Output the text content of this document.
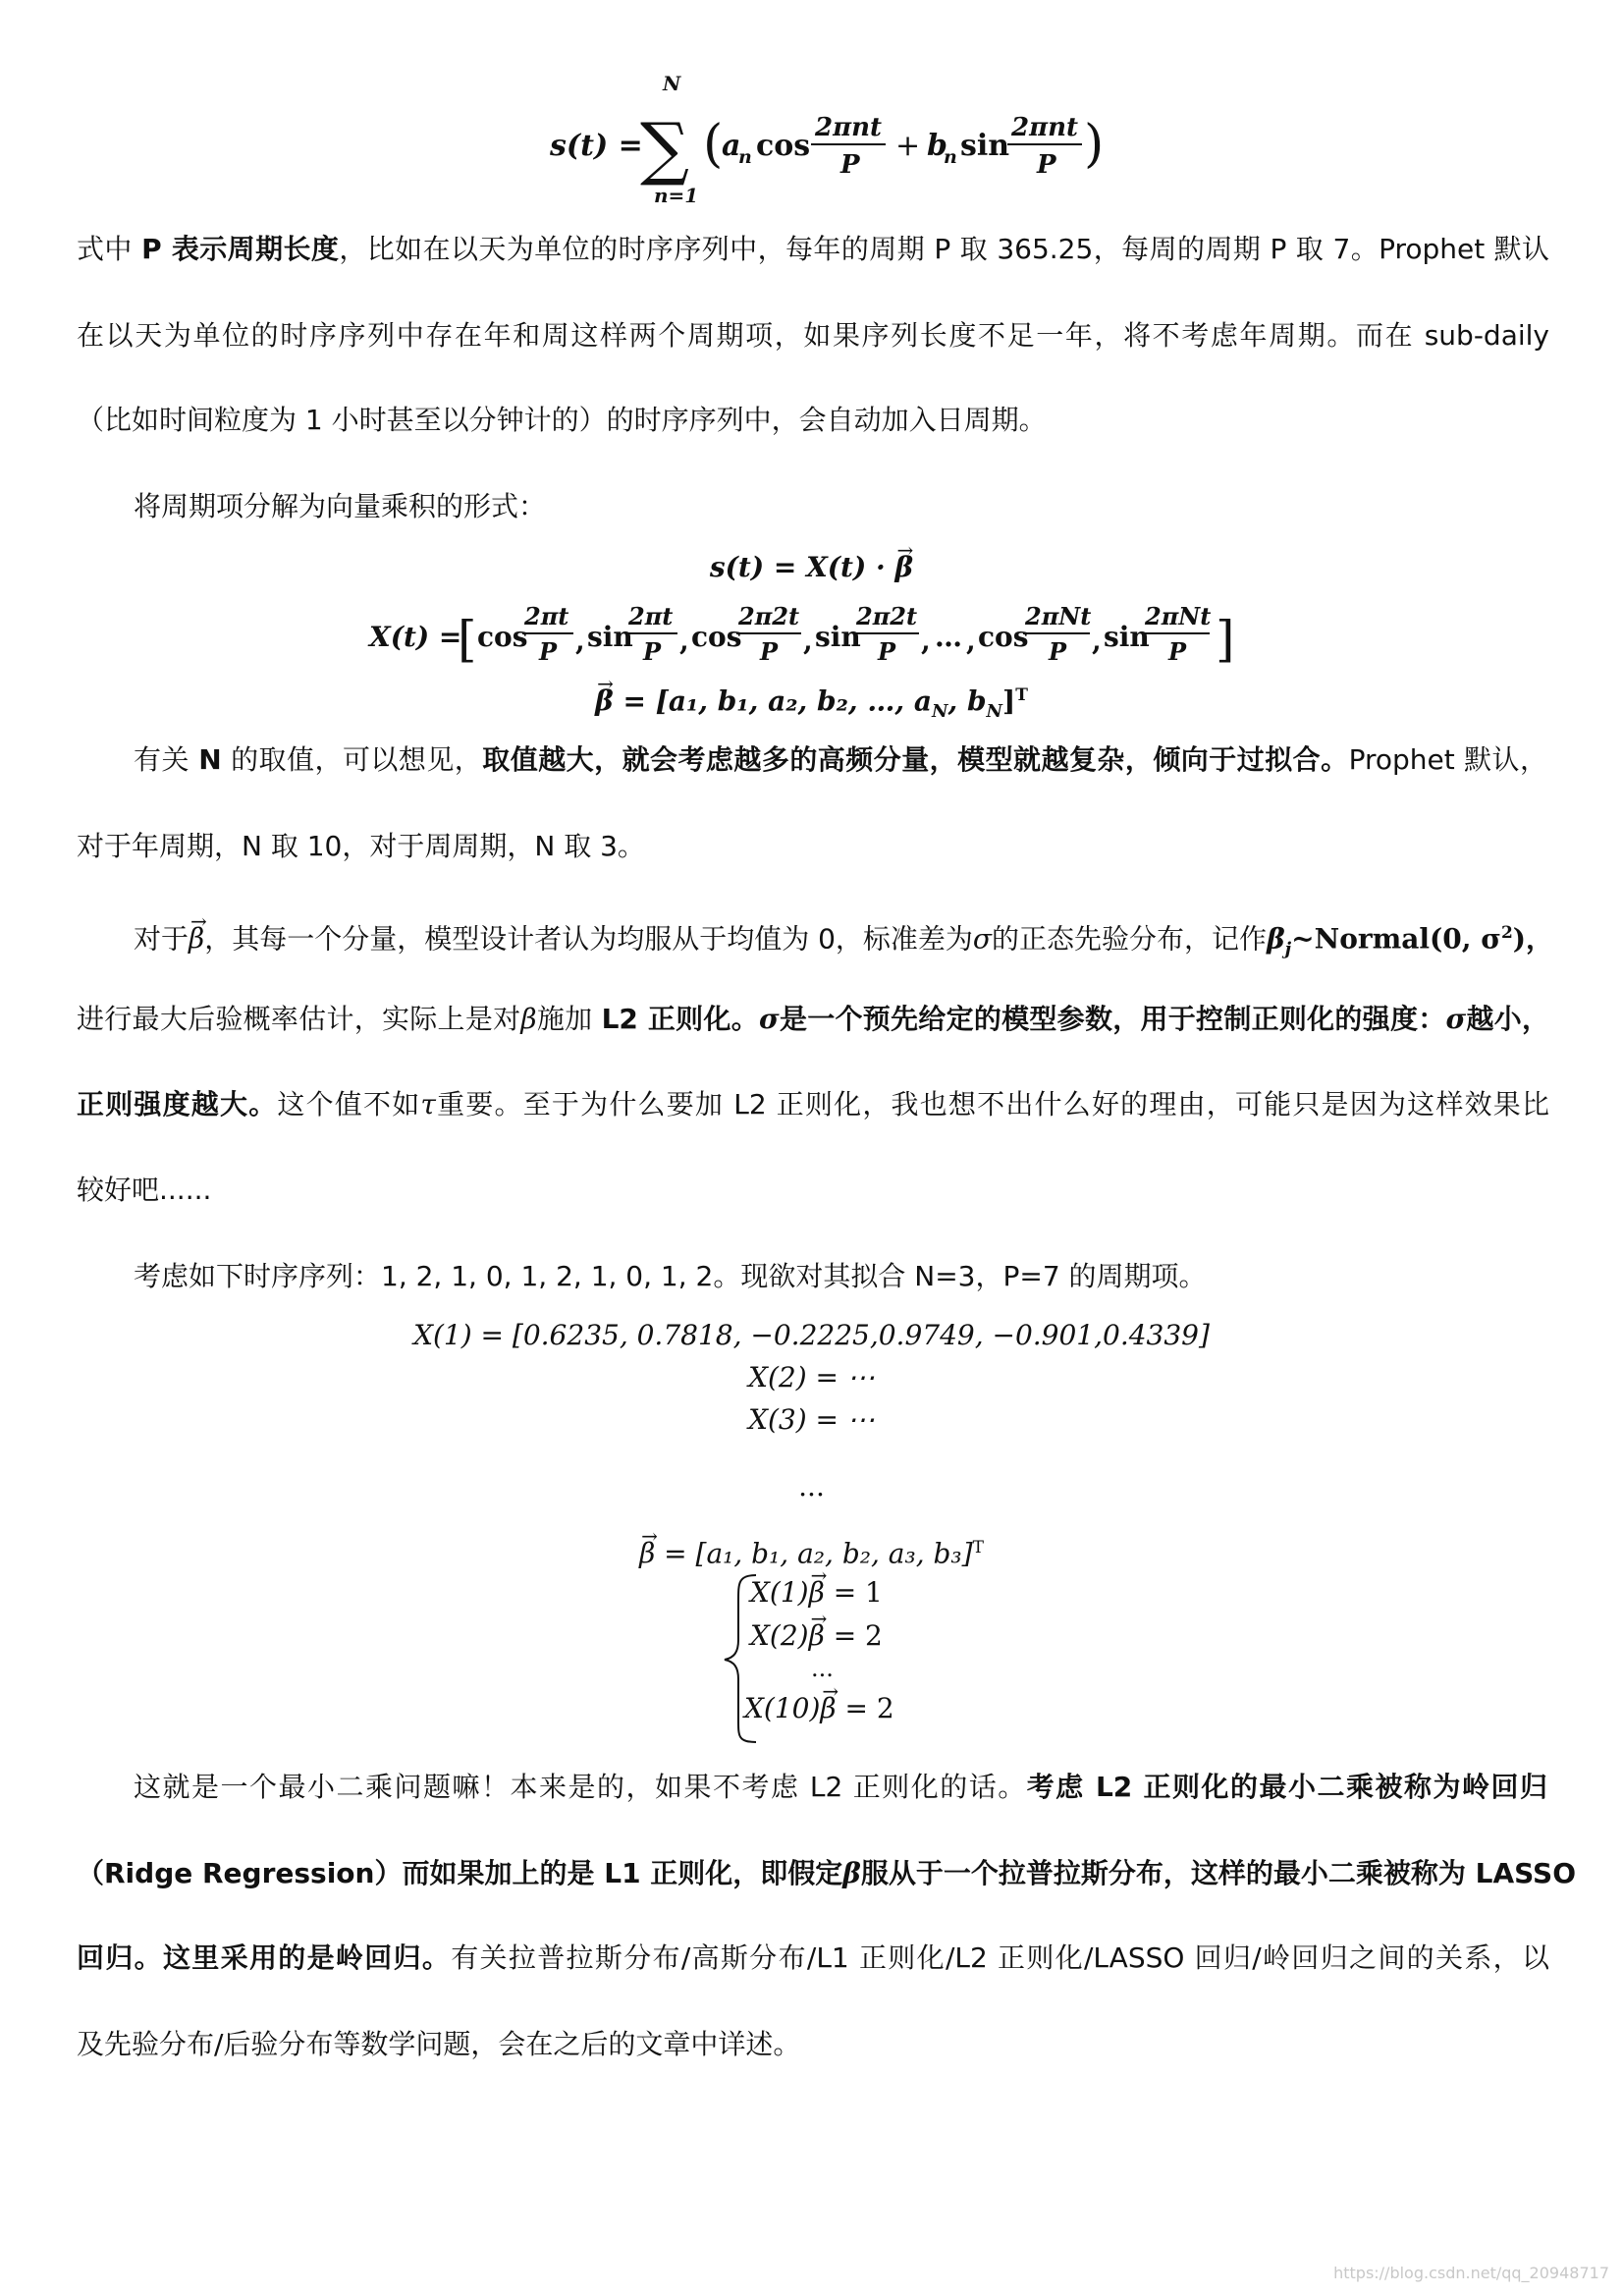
s(t) =
N
∑
n=1
(
a
n cos
2πnt
P
+ b
n sin
2πnt
P )
式中 P 表示周期长度，比如在以天为单位的时序序列中，每年的周期 P 取 365.25，每周的周期 P 取 7。Prophet 默认
在以天为单位的时序序列中存在年和周这样两个周期项，如果序列长度不足一年，将不考虑年周期。而在 sub-daily
（比如时间粒度为 1 小时甚至以分钟计的）的时序序列中，会自动加入日周期。
将周期项分解为向量乘积的形式：
s(t) = X(t) · → β
X(t) =
[ cos
2πt
P , sin
2πt
P , cos
2π2t
P , sin
2π2t
P , … , cos
2πNt
P , sin
2πNt
P ]
→ β = [a₁, b₁, a₂, b₂, …, $a_N$, $b_N]^T$
有关 N 的取值，可以想见，取值越大，就会考虑越多的高频分量，模型就越复杂，倾向于过拟合。Prophet 默认，
对于年周期，N 取 10，对于周周期，N 取 3。
对于→ β，其每一个分量，模型设计者认为均服从于均值为 0，标准差为σ的正态先验分布，记作$\beta_j\sim Normal(0$, $\sigma^2$)，
进行最大后验概率估计，实际上是对β施加 L2 正则化。σ是一个预先给定的模型参数，用于控制正则化的强度：σ越小，
正则强度越大。这个值不如τ重要。至于为什么要加 L2 正则化，我也想不出什么好的理由，可能只是因为这样效果比
较好吧......
考虑如下时序序列：1, 2, 1, 0, 1, 2, 1, 0, 1, 2。现欲对其拟合 N=3，P=7 的周期项。
X(1) = [0.6235, 0.7818, −0.2225,0.9749, −0.901,0.4339]
X(2) = ⋯
X(3) = ⋯
...
→ β = [a₁, b₁, a₂, b₂, a₃, b₃]$^T$
X(1)→ β = 1
X(2)→ β = 2
...
X(10)→ β = 2
这就是一个最小二乘问题嘛！本来是的，如果不考虑 L2 正则化的话。考虑 L2 正则化的最小二乘被称为岭回归
（Ridge Regression）而如果加上的是 L1 正则化，即假定β服从于一个拉普拉斯分布，这样的最小二乘被称为 LASSO
回归。这里采用的是岭回归。有关拉普拉斯分布/高斯分布/L1 正则化/L2 正则化/LASSO 回归/岭回归之间的关系，以
及先验分布/后验分布等数学问题，会在之后的文章中详述。
https://blog.csdn.net/qq_20948717
